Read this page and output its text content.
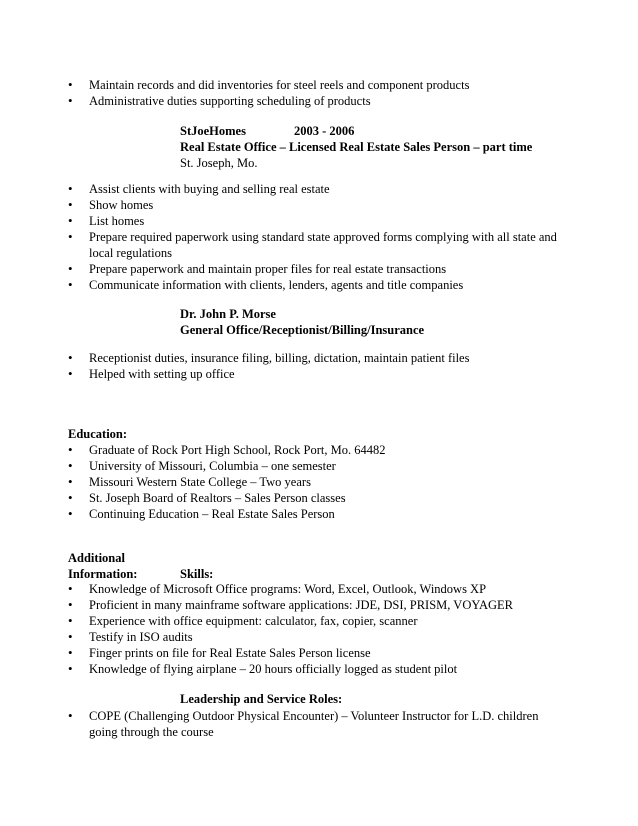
• Maintain records and did inventories for steel reels and component products
• Administrative duties supporting scheduling of products
StJoeHomes	2003 - 2006
Real Estate Office – Licensed Real Estate Sales Person – part time
St. Joseph, Mo.
• Assist clients with buying and selling real estate
• Show homes
• List homes
• Prepare required paperwork using standard state approved forms complying with all state and local regulations
• Prepare paperwork and maintain proper files for real estate transactions
• Communicate information with clients, lenders, agents and title companies
Dr. John P. Morse
General Office/Receptionist/Billing/Insurance
• Receptionist duties, insurance filing, billing, dictation, maintain patient files
• Helped with setting up office
Education:
• Graduate of Rock Port High School, Rock Port, Mo. 64482
• University of Missouri, Columbia – one semester
• Missouri Western State College – Two years
• St. Joseph Board of Realtors – Sales Person classes
• Continuing Education – Real Estate Sales Person
Additional
Information:	Skills:
• Knowledge of Microsoft Office programs: Word, Excel, Outlook, Windows XP
• Proficient in many mainframe software applications: JDE, DSI, PRISM, VOYAGER
• Experience with office equipment: calculator, fax, copier, scanner
• Testify in ISO audits
• Finger prints on file for Real Estate Sales Person license
• Knowledge of flying airplane – 20 hours officially logged as student pilot
Leadership and Service Roles:
• COPE (Challenging Outdoor Physical Encounter) – Volunteer Instructor for L.D. children going through the course
